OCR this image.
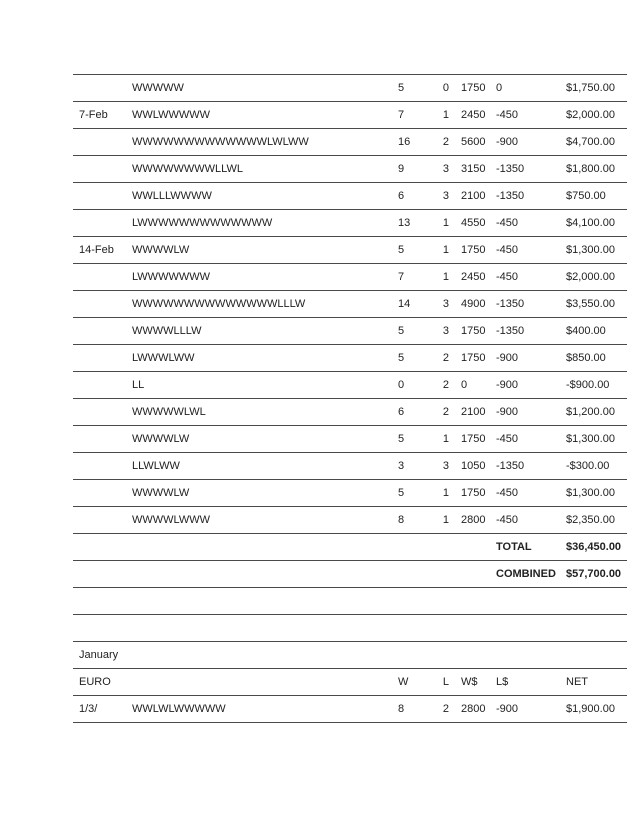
	WWWWW	5	0	1750	0	$1,750.00
7-Feb	WWLWWWWW	7	1	2450	-450	$2,000.00
	WWWWWWWWWWWWWLWLWW	16	2	5600	-900	$4,700.00
	WWWWWWWWLLWL	9	3	3150	-1350	$1,800.00
	WWLLLWWWW	6	3	2100	-1350	$750.00
	LWWWWWWWWWWWWW	13	1	4550	-450	$4,100.00
14-Feb	WWWWLW	5	1	1750	-450	$1,300.00
	LWWWWWWW	7	1	2450	-450	$2,000.00
	WWWWWWWWWWWWWWLLLW	14	3	4900	-1350	$3,550.00
	WWWWLLLW	5	3	1750	-1350	$400.00
	LWWWLWW	5	2	1750	-900	$850.00
	LL	0	2	0	-900	-$900.00
	WWWWWLWL	6	2	2100	-900	$1,200.00
	WWWWLW	5	1	1750	-450	$1,300.00
	LLWLWW	3	3	1050	-1350	-$300.00
	WWWWLW	5	1	1750	-450	$1,300.00
	WWWWLWWW	8	1	2800	-450	$2,350.00
					TOTAL	$36,450.00
					COMBINED	$57,700.00

January						
EURO		W	L	W$	L$	NET
1/3/	WWLWLWWWWW	8	2	2800	-900	$1,900.00
